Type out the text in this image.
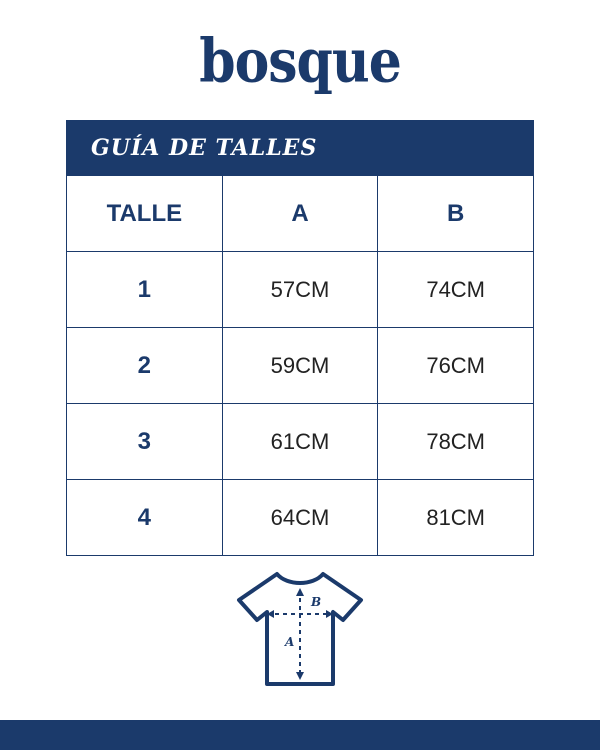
bosque
GUÍA DE TALLES		
TALLE	A	B
1	57CM	74CM
2	59CM	76CM
3	61CM	78CM
4	64CM	81CM
B
A
